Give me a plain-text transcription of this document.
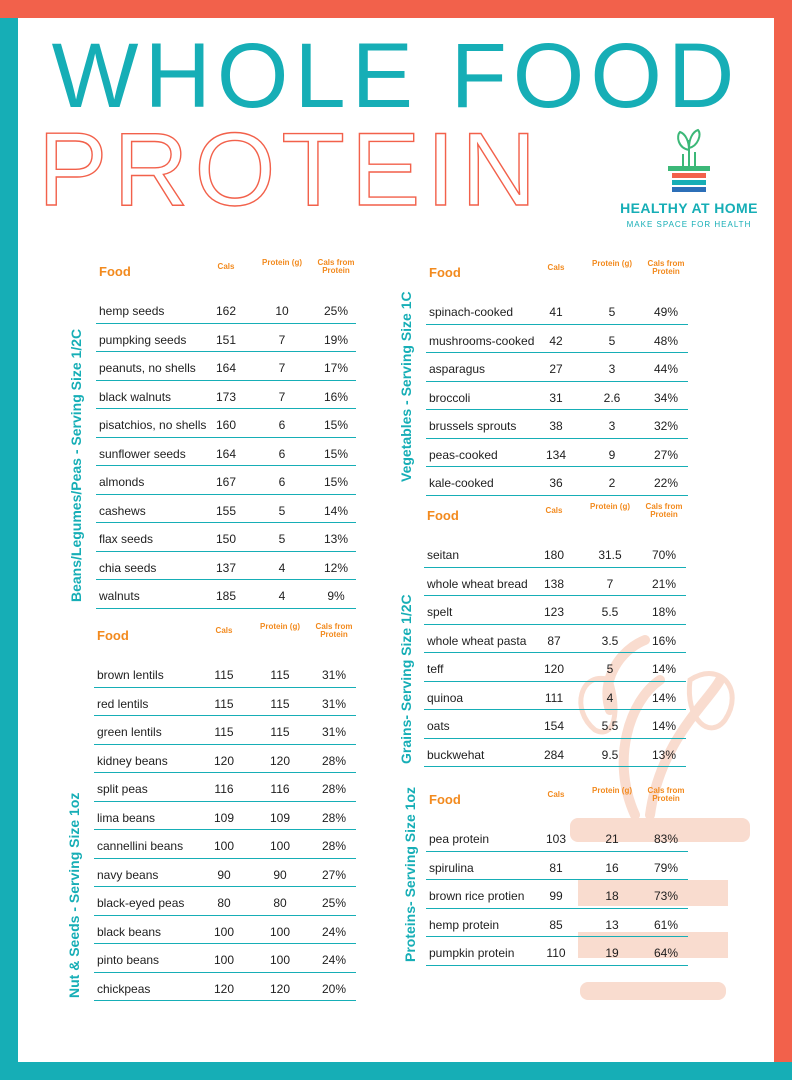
WHOLE FOOD
PROTEIN	HEALTHY AT HOME
MAKE SPACE FOR HEALTH
Beans/Legumes/Peas - Serving Size 1/2C
Nut & Seeds - Serving Size 1oz
Vegetables - Serving Size 1C
Grains- Serving Size 1/2C
Proteins- Serving Size 1oz
Food	Cals	Protein (g)	Cals from Protein
hemp seeds	162	10	25%
pumpking seeds	151	7	19%
peanuts, no shells	164	7	17%
black walnuts	173	7	16%
pisatchios, no shells 160	6	15%
sunflower seeds	164	6	15%
almonds	167	6	15%
cashews	155	5	14%
flax seeds	150	5	13%
chia seeds	137	4	12%
walnuts	185	4	9%
Food	Cals	Protein (g)	Cals from Protein
brown lentils	115	115	31%
red lentils	115	115	31%
green lentils	115	115	31%
kidney beans	120	120	28%
split peas	116	116	28%
lima beans	109	109	28%
cannellini beans	100	100	28%
navy beans	90	90	27%
black-eyed peas	80	80	25%
black beans	100	100	24%
pinto beans	100	100	24%
chickpeas	120	120	20%
Food	Cals	Protein (g)	Cals from Protein
spinach-cooked	41	5	49%
mushrooms-cooked	42	5	48%
asparagus	27	3	44%
broccoli	31	2.6	34%
brussels sprouts	38	3	32%
peas-cooked	134	9	27%
kale-cooked	36	2	22%
Food	Cals	Protein (g)	Cals from Protein
seitan	180	31.5	70%
whole wheat bread	138	7	21%
spelt	123	5.5	18%
whole wheat pasta	87	3.5	16%
teff	120	5	14%
quinoa	111	4	14%
oats	154	5.5	14%
buckwehat	284	9.5	13%
Food	Cals	Protein (g)	Cals from Protein
pea protein	103	21	83%
spirulina	81	16	79%
brown rice protien	99	18	73%
hemp protein	85	13	61%
pumpkin protein	110	19	64%
